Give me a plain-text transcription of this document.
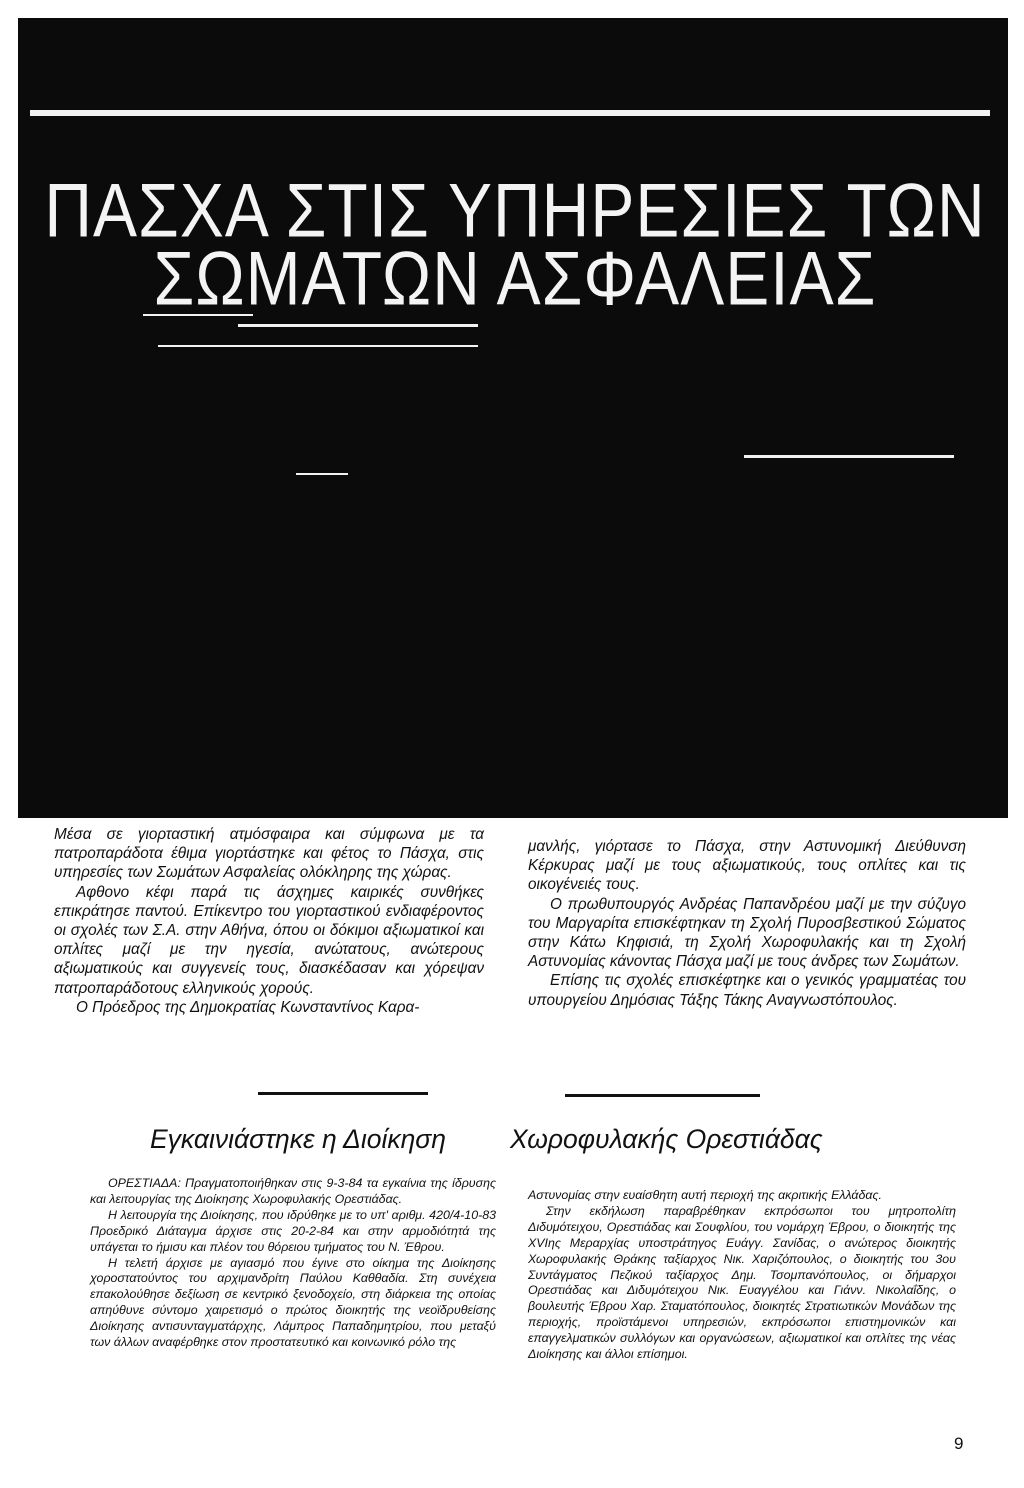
ΠΑΣΧΑ ΣΤΙΣ ΥΠΗΡΕΣΙΕΣ ΤΩΝ
ΣΩΜΑΤΩΝ ΑΣΦΑΛΕΙΑΣ

Μέσα σε γιορταστική ατμόσφαιρα και σύμφωνα με τα πατροπαράδοτα έθιμα γιορτάστηκε και φέτος το Πάσχα, στις υπηρεσίες των Σωμάτων Ασφαλείας ολόκληρης της χώρας.

Αφθονο κέφι παρά τις άσχημες καιρικές συνθήκες επικράτησε παντού. Επίκεντρο του γιορταστικού ενδιαφέροντος οι σχολές των Σ.Α. στην Αθήνα, όπου οι δόκιμοι αξιωματικοί και οπλίτες μαζί με την ηγεσία, ανώτατους, ανώτερους αξιωματικούς και συγγενείς τους, διασκέδασαν και χόρεψαν πατροπαράδοτους ελληνικούς χορούς.

Ο Πρόεδρος της Δημοκρατίας Κωνσταντίνος Καρα-

μανλής, γιόρτασε το Πάσχα, στην Αστυνομική Διεύθυνση Κέρκυρας μαζί με τους αξιωματικούς, τους οπλίτες και τις οικογένειές τους.

Ο πρωθυπουργός Ανδρέας Παπανδρέου μαζί με την σύζυγο του Μαργαρίτα επισκέφτηκαν τη Σχολή Πυροσβεστικού Σώματος στην Κάτω Κηφισιά, τη Σχολή Χωροφυλακής και τη Σχολή Αστυνομίας κάνοντας Πάσχα μαζί με τους άνδρες των Σωμάτων.

Επίσης τις σχολές επισκέφτηκε και ο γενικός γραμματέας του υπουργείου Δημόσιας Τάξης Τάκης Αναγνωστόπουλος.

Εγκαινιάστηκε η Διοίκηση Χωροφυλακής Ορεστιάδας

ΟΡΕΣΤΙΑΔΑ: Πραγματοποιήθηκαν στις 9-3-84 τα εγκαίνια της ίδρυσης και λειτουργίας της Διοίκησης Χωροφυλακής Ορεστιάδας.

Η λειτουργία της Διοίκησης, που ιδρύθηκε με το υπ' αριθμ. 420/4-10-83 Προεδρικό Διάταγμα άρχισε στις 20-2-84 και στην αρμοδιότητά της υπάγεται το ήμισυ και πλέον του θόρειου τμήματος του Ν. Έθρου.

Η τελετή άρχισε με αγιασμό που έγινε στο οίκημα της Διοίκησης χοροστατούντος του αρχιμανδρίτη Παύλου Καθθαδία. Στη συνέχεια επακολούθησε δεξίωση σε κεντρικό ξενοδοχείο, στη διάρκεια της οποίας απηύθυνε σύντομο χαιρετισμό ο πρώτος διοικητής της νεοϊδρυθείσης Διοίκησης αντισυνταγματάρχης, Λάμπρος Παπαδημητρίου, που μεταξύ των άλλων αναφέρθηκε στον προστατευτικό και κοινωνικό ρόλο της

Αστυνομίας στην ευαίσθητη αυτή περιοχή της ακριτικής Ελλάδας.

Στην εκδήλωση παραβρέθηκαν εκπρόσωποι του μητροπολίτη Διδυμότειχου, Ορεστιάδας και Σουφλίου, του νομάρχη Έβρου, ο διοικητής της XVIης Μεραρχίας υποστράτηγος Ευάγγ. Σανίδας, ο ανώτερος διοικητής Χωροφυλακής Θράκης ταξίαρχος Νικ. Χαριζόπουλος, ο διοικητής του 3ου Συντάγματος Πεζικού ταξίαρχος Δημ. Τσομπανόπουλος, οι δήμαρχοι Ορεστιάδας και Διδυμότειχου Νικ. Ευαγγέλου και Γιάνν. Νικολαΐδης, ο βουλευτής Έβρου Χαρ. Σταματόπουλος, διοικητές Στρατιωτικών Μονάδων της περιοχής, προϊστάμενοι υπηρεσιών, εκπρόσωποι επιστημονικών και επαγγελματικών συλλόγων και οργανώσεων, αξιωματικοί και οπλίτες της νέας Διοίκησης και άλλοι επίσημοι.

9
